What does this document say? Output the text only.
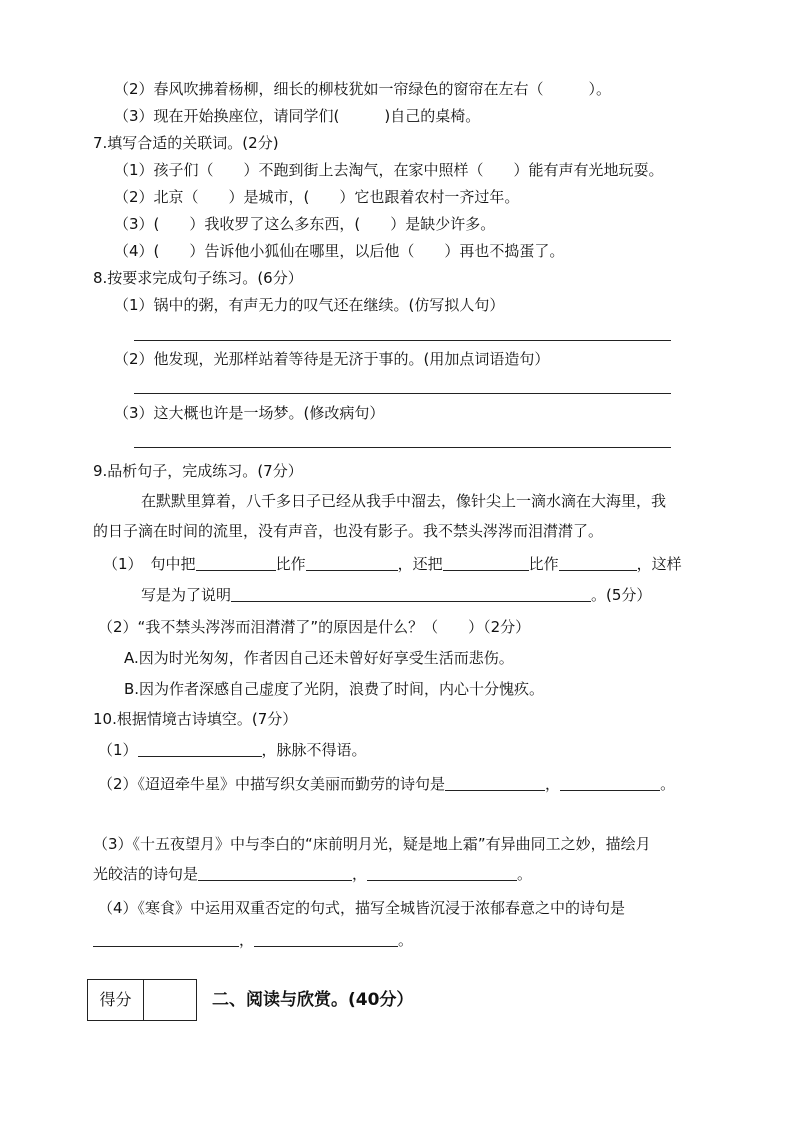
（2）春风吹拂着杨柳，细长的柳枝犹如一帘绿色的窗帘在左右（　　　）。
（3）现在开始换座位，请同学们(　　　)自己的桌椅。
7.填写合适的关联词。(2分)
（1）孩子们（　　）不跑到街上去淘气，在家中照样（　　）能有声有光地玩耍。
（2）北京（　　）是城市，(　　）它也跟着农村一齐过年。
（3）(　　）我收罗了这么多东西，(　　）是缺少许多。
（4）(　　）告诉他小狐仙在哪里，以后他（　　）再也不捣蛋了。
8.按要求完成句子练习。(6分）
（1）锅中的粥，有声无力的叹气还在继续。(仿写拟人句）
（2）他发现，光那样站着等待是无济于事的。(用加点词语造句）
（3）这大概也许是一场梦。(修改病句）
9.品析句子，完成练习。(7分）
在默默里算着，八千多日子已经从我手中溜去，像针尖上一滴水滴在大海里，我
的日子滴在时间的流里，没有声音，也没有影子。我不禁头涔涔而泪潸潸了。
（1） 句中把	比作	，还把	比作	，这样
写是为了说明	。(5分）
（2）“我不禁头涔涔而泪潸潸了”的原因是什么？（　　）（2分）
A.因为时光匆匆，作者因自己还未曾好好享受生活而悲伤。
B.因为作者深感自己虚度了光阴，浪费了时间，内心十分愧疚。
10.根据情境古诗填空。(7分）
（1）	，脉脉不得语。
（2）《迢迢牵牛星》中描写织女美丽而勤劳的诗句是	，	。
（3）《十五夜望月》中与李白的“床前明月光，疑是地上霜”有异曲同工之妙，描绘月
光皎洁的诗句是	，	。
（4）《寒食》中运用双重否定的句式，描写全城皆沉浸于浓郁春意之中的诗句是
，	。
得分	二、阅读与欣赏。(40分）
